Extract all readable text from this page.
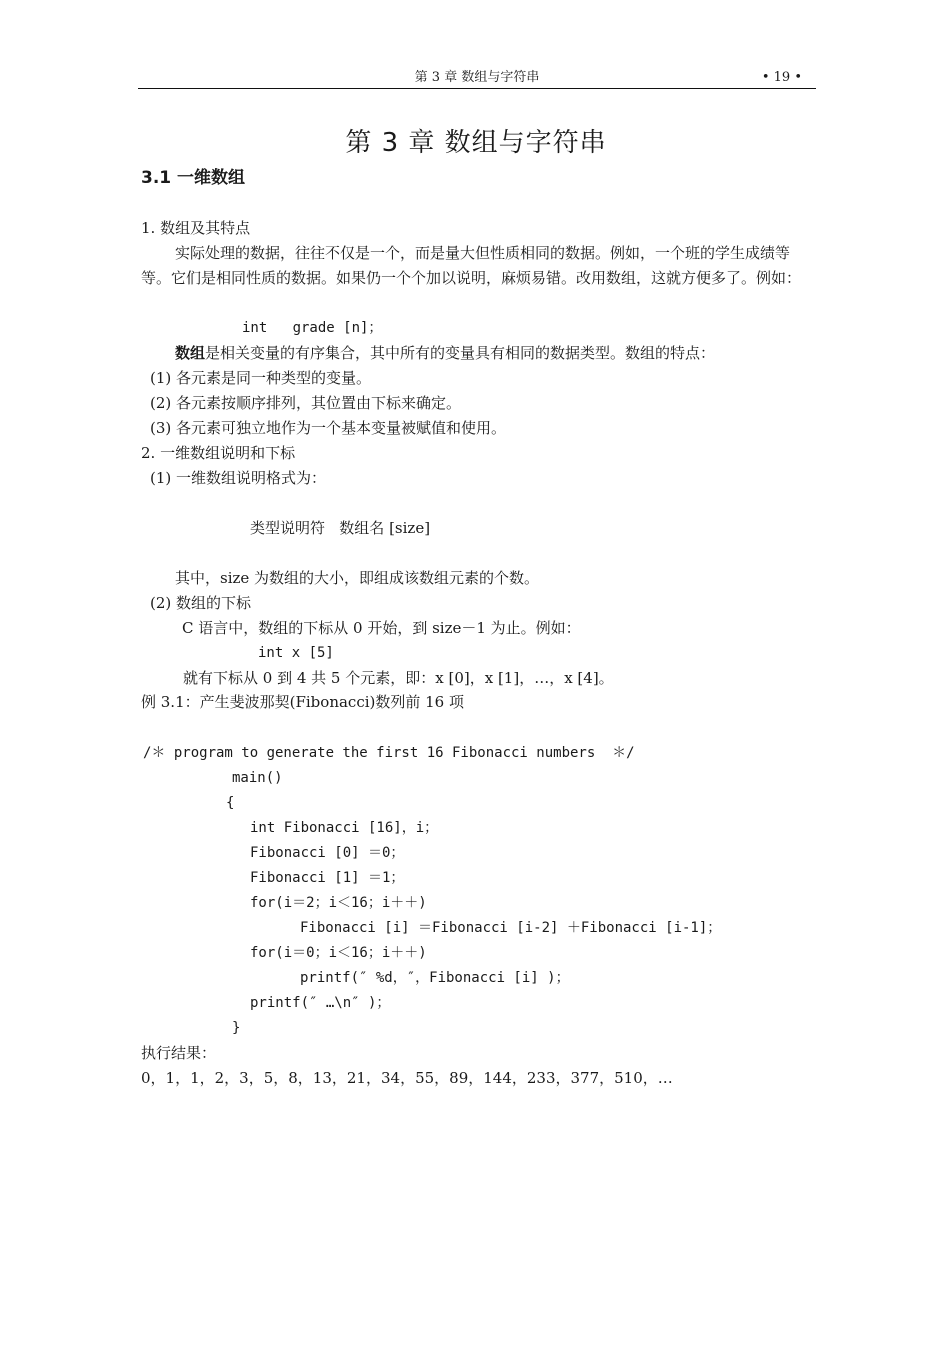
第 3 章 数组与字符串	• 19 •
第 3 章 数组与字符串
3.1 一维数组
1. 数组及其特点
实际处理的数据，往往不仅是一个，而是量大但性质相同的数据。例如，一个班的学生成绩等等。它们是相同性质的数据。如果仍一个个加以说明，麻烦易错。改用数组，这就方便多了。例如：
int   grade [n]；
数组是相关变量的有序集合，其中所有的变量具有相同的数据类型。数组的特点：
(1) 各元素是同一种类型的变量。
(2) 各元素按顺序排列，其位置由下标来确定。
(3) 各元素可独立地作为一个基本变量被赋值和使用。
2. 一维数组说明和下标
(1) 一维数组说明格式为：
类型说明符   数组名 [size]
其中，size 为数组的大小，即组成该数组元素的个数。
(2) 数组的下标
C 语言中，数组的下标从 0 开始，到 size－1 为止。例如：
int x [5]
就有下标从 0 到 4 共 5 个元素，即：x [0]，x [1]，…，x [4]。
例 3.1：产生斐波那契(Fibonacci)数列前 16 项
/＊ program to generate the first 16 Fibonacci numbers  ＊/
main()
{
int Fibonacci [16]，i；
Fibonacci [0] ＝0；
Fibonacci [1] ＝1；
for(i＝2；i＜16；i＋＋)
Fibonacci [i] ＝Fibonacci [i-2] ＋Fibonacci [i-1]；
for(i＝0；i＜16；i＋＋)
printf(″ %d，″，Fibonacci [i] )；
printf(″ …\n″ )；
}
执行结果：
0，1，1，2，3，5，8，13，21，34，55，89，144，233，377，510，…
